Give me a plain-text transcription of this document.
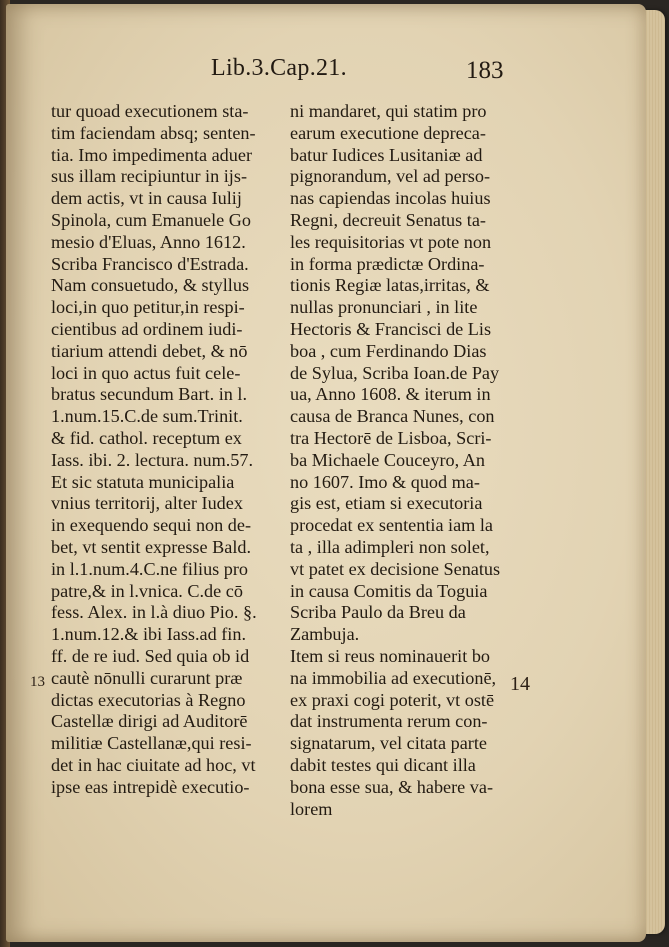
Lib.3.Cap.21.	183
tur quoad executionem sta-
tim faciendam absq; senten-
tia. Imo impedimenta aduer
sus illam recipiuntur in ijs-
dem actis, vt in causa Iulij
Spinola, cum Emanuele Go
mesio d'Eluas, Anno 1612.
Scriba Francisco d'Estrada.
Nam consuetudo, & styllus
loci,in quo petitur,in respi-
cientibus ad ordinem iudi-
tiarium attendi debet, & nō
loci in quo actus fuit cele-
bratus secundum Bart. in l.
1.num.15.C.de sum.Trinit.
& fid. cathol. receptum ex
Iass. ibi. 2. lectura. num.57.
Et sic statuta municipalia
vnius territorij, alter Iudex
in exequendo sequi non de-
bet, vt sentit expresse Bald.
in l.1.num.4.C.ne filius pro
patre,& in l.vnica. C.de cō
fess. Alex. in l.à diuo Pio. §.
1.num.12.& ibi Iass.ad fin.
ff. de re iud. Sed quia ob id
cautè nōnulli curarunt præ
dictas executorias à Regno
Castellæ dirigi ad Auditorē
militiæ Castellanæ,qui resi-
det in hac ciuitate ad hoc, vt
ipse eas intrepidè executio-
ni mandaret, qui statim pro
earum executione depreca-
batur Iudices Lusitaniæ ad
pignorandum, vel ad perso-
nas capiendas incolas huius
Regni, decreuit Senatus ta-
les requisitorias vt pote non
in forma prædictæ Ordina-
tionis Regiæ latas,irritas, &
nullas pronunciari , in lite
Hectoris & Francisci de Lis
boa , cum Ferdinando Dias
de Sylua, Scriba Ioan.de Pay
ua, Anno 1608. & iterum in
causa de Branca Nunes, con
tra Hectorē de Lisboa, Scri-
ba Michaele Couceyro, An
no 1607. Imo & quod ma-
gis est, etiam si executoria
procedat ex sententia iam la
ta , illa adimpleri non solet,
vt patet ex decisione Senatus
in causa Comitis da Toguia
Scriba Paulo da Breu da
Zambuja.
Item si reus nominauerit bo
na immobilia ad executionē,
ex praxi cogi poterit, vt ostē
dat instrumenta rerum con-
signatarum, vel citata parte
dabit testes qui dicant illa
bona esse sua, & habere va-
lorem
13	14
